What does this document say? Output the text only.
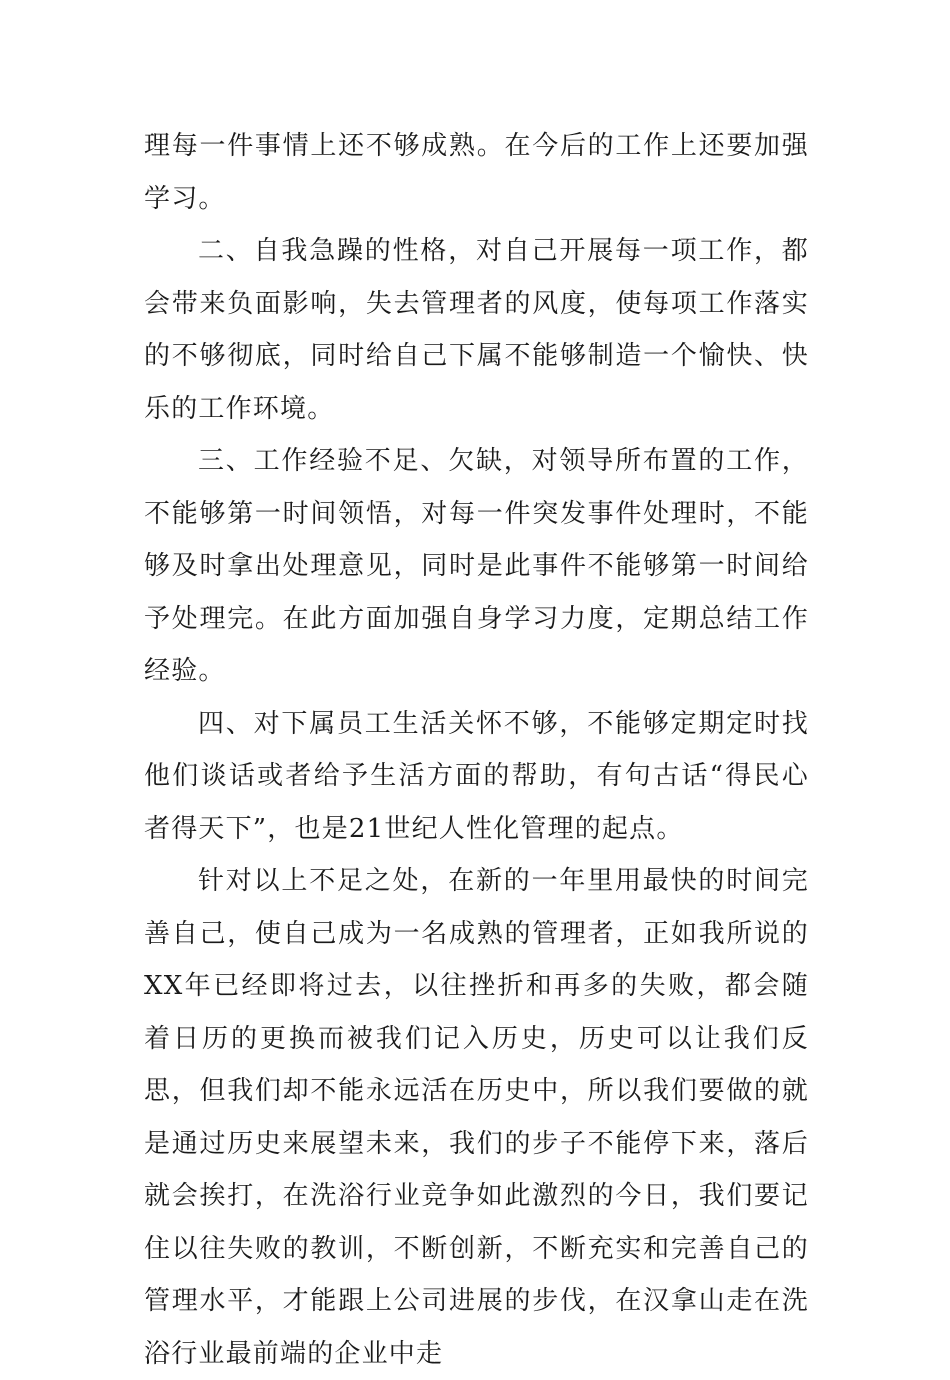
理每一件事情上还不够成熟。在今后的工作上还要加强学习。

二、自我急躁的性格，对自己开展每一项工作，都会带来负面影响，失去管理者的风度，使每项工作落实的不够彻底，同时给自己下属不能够制造一个愉快、快乐的工作环境。

三、工作经验不足、欠缺，对领导所布置的工作，不能够第一时间领悟，对每一件突发事件处理时，不能够及时拿出处理意见，同时是此事件不能够第一时间给予处理完。在此方面加强自身学习力度，定期总结工作经验。

四、对下属员工生活关怀不够，不能够定期定时找他们谈话或者给予生活方面的帮助，有句古话“得民心者得天下”，也是21世纪人性化管理的起点。

针对以上不足之处，在新的一年里用最快的时间完善自己，使自己成为一名成熟的管理者，正如我所说的XX年已经即将过去，以往挫折和再多的失败，都会随着日历的更换而被我们记入历史，历史可以让我们反思，但我们却不能永远活在历史中，所以我们要做的就是通过历史来展望未来，我们的步子不能停下来，落后就会挨打，在洗浴行业竞争如此激烈的今日，我们要记住以往失败的教训，不断创新，不断充实和完善自己的管理水平，才能跟上公司进展的步伐，在汉拿山走在洗浴行业最前端的企业中走
